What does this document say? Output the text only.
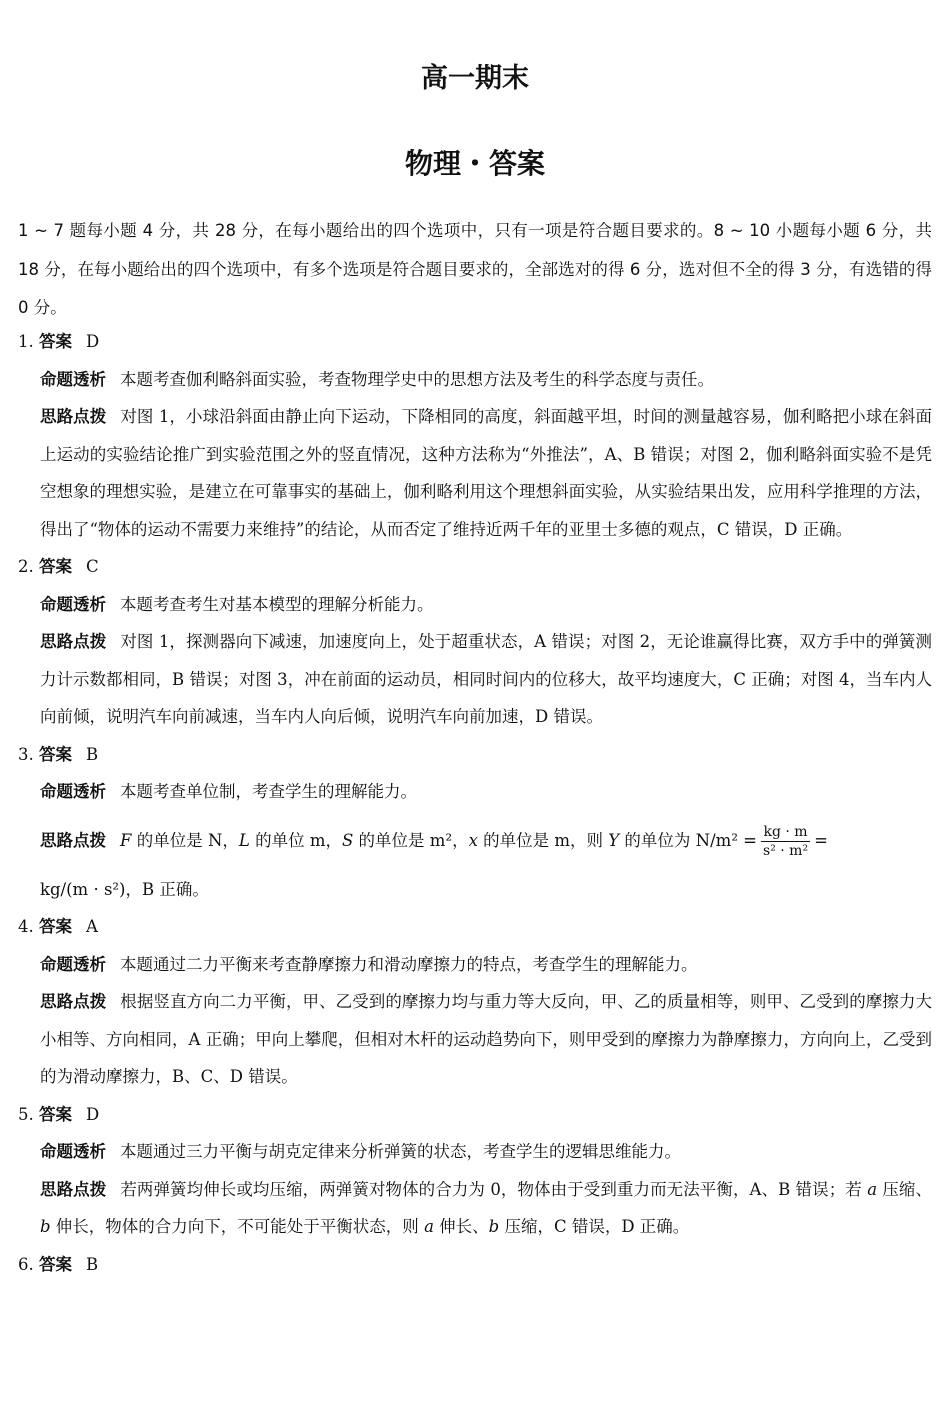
高一期末
物理・答案
1 ~ 7 题每小题 4 分，共 28 分，在每小题给出的四个选项中，只有一项是符合题目要求的。8 ~ 10 小题每小题 6 分，共 18 分，在每小题给出的四个选项中，有多个选项是符合题目要求的，全部选对的得 6 分，选对但不全的得 3 分，有选错的得 0 分。
1. 答案 D
命题透析 本题考查伽利略斜面实验，考查物理学史中的思想方法及考生的科学态度与责任。
思路点拨 对图 1，小球沿斜面由静止向下运动，下降相同的高度，斜面越平坦，时间的测量越容易，伽利略把小球在斜面上运动的实验结论推广到实验范围之外的竖直情况，这种方法称为“外推法”，A、B 错误；对图 2，伽利略斜面实验不是凭空想象的理想实验，是建立在可靠事实的基础上，伽利略利用这个理想斜面实验，从实验结果出发，应用科学推理的方法，得出了“物体的运动不需要力来维持”的结论，从而否定了维持近两千年的亚里士多德的观点，C 错误，D 正确。
2. 答案 C
命题透析 本题考查考生对基本模型的理解分析能力。
思路点拨 对图 1，探测器向下减速，加速度向上，处于超重状态，A 错误；对图 2，无论谁赢得比赛，双方手中的弹簧测力计示数都相同，B 错误；对图 3，冲在前面的运动员，相同时间内的位移大，故平均速度大，C 正确；对图 4，当车内人向前倾，说明汽车向前减速，当车内人向后倾，说明汽车向前加速，D 错误。
3. 答案 B
命题透析 本题考查单位制，考查学生的理解能力。
思路点拨 F 的单位是 N，L 的单位 m，S 的单位是 m²，x 的单位是 m，则 Y 的单位为 $N/m^2 = \frac{kg \cdot m}{\text{s² · m²}}$ =
kg/(m · s²)，B 正确。
4. 答案 A
命题透析 本题通过二力平衡来考查静摩擦力和滑动摩擦力的特点，考查学生的理解能力。
思路点拨 根据竖直方向二力平衡，甲、乙受到的摩擦力均与重力等大反向，甲、乙的质量相等，则甲、乙受到的摩擦力大小相等、方向相同，A 正确；甲向上攀爬，但相对木杆的运动趋势向下，则甲受到的摩擦力为静摩擦力，方向向上，乙受到的为滑动摩擦力，B、C、D 错误。
5. 答案 D
命题透析 本题通过三力平衡与胡克定律来分析弹簧的状态，考查学生的逻辑思维能力。
思路点拨 若两弹簧均伸长或均压缩，两弹簧对物体的合力为 0，物体由于受到重力而无法平衡，A、B 错误；若 a 压缩、b 伸长，物体的合力向下，不可能处于平衡状态，则 a 伸长、b 压缩，C 错误，D 正确。
6. 答案 B
